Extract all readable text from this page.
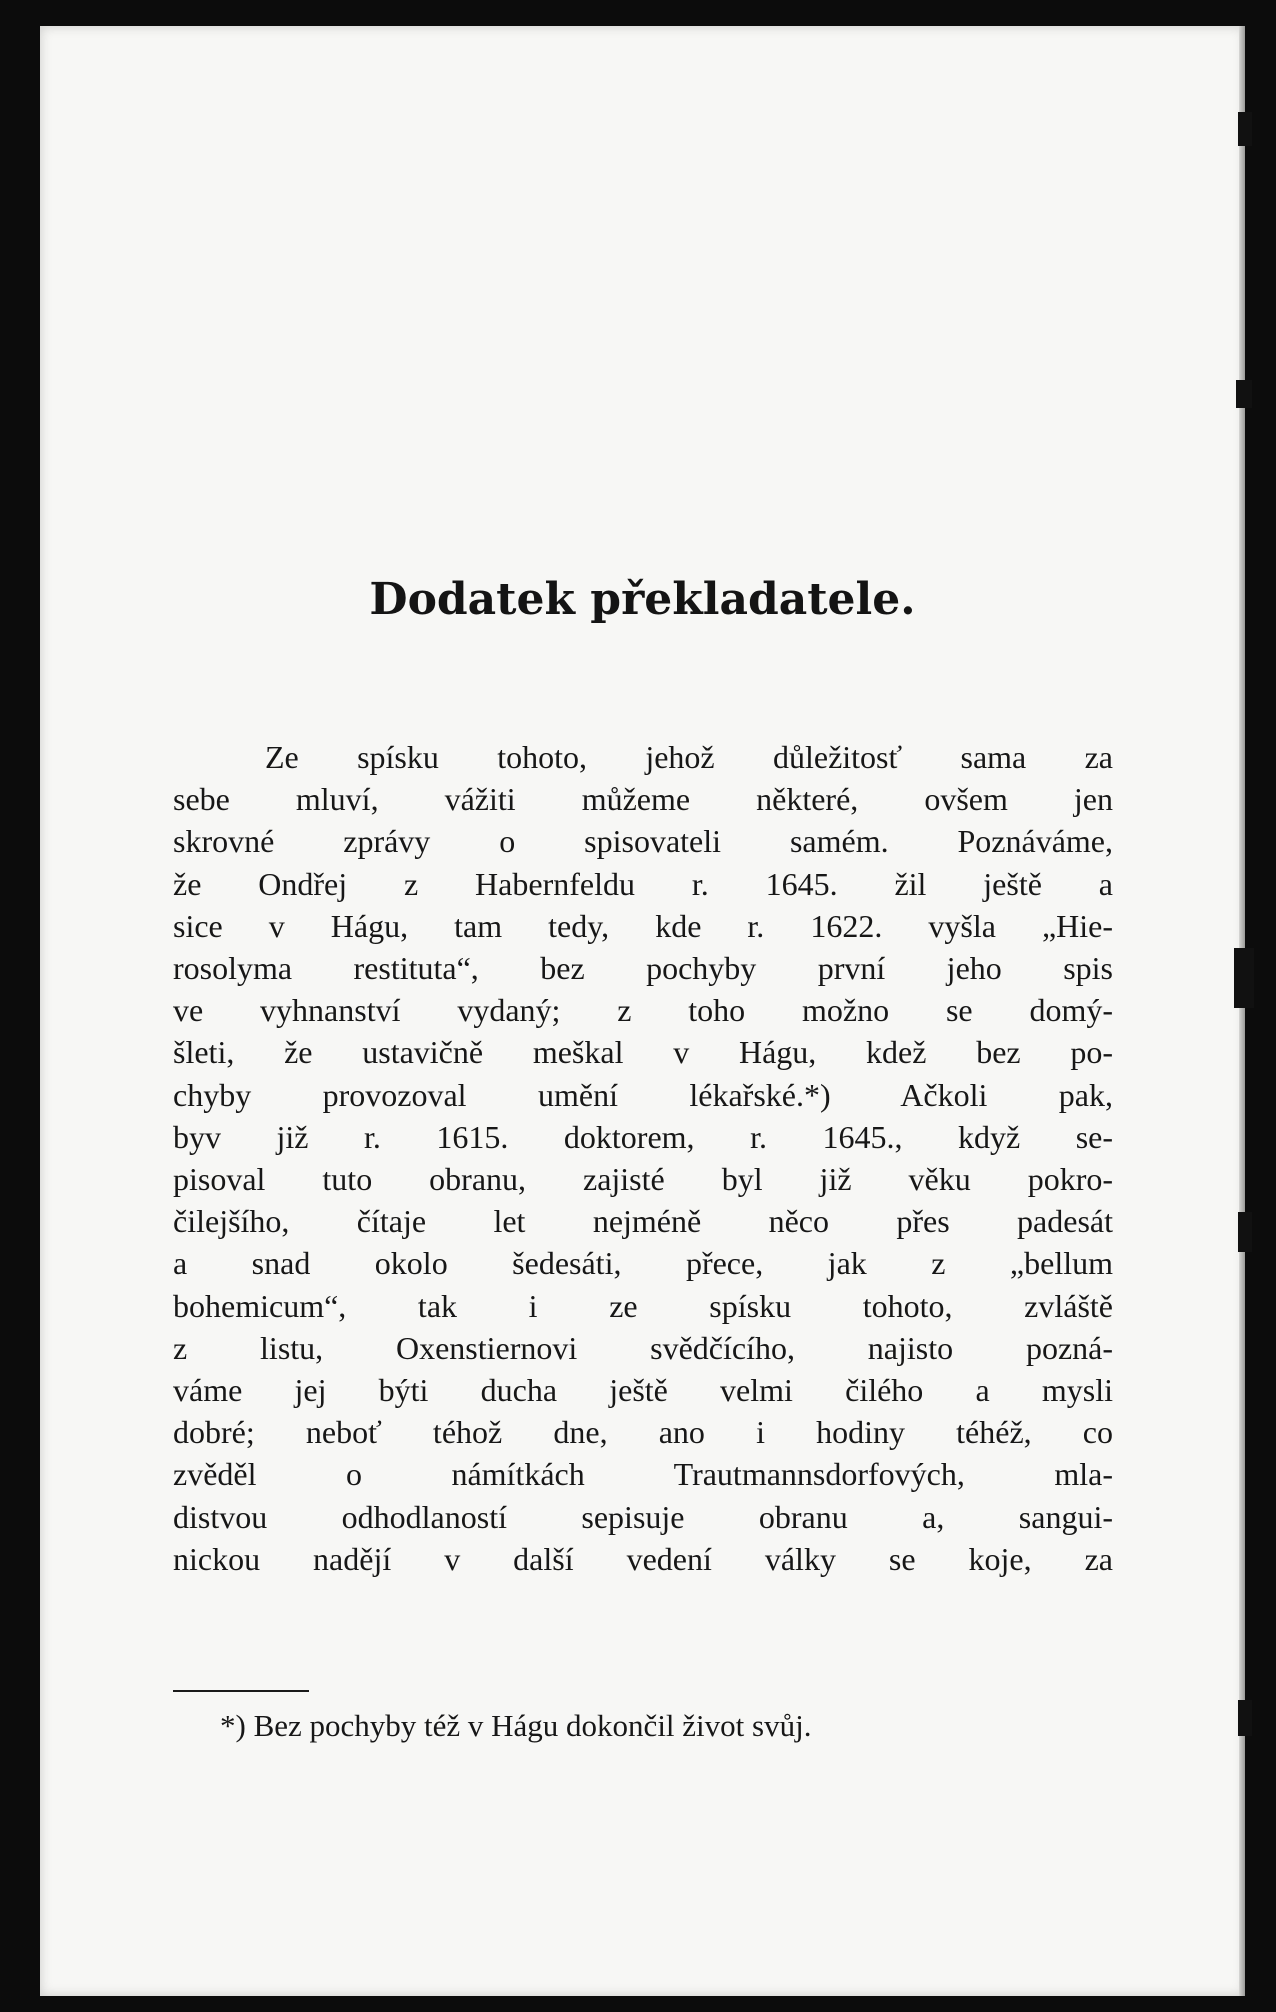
Dodatek překladatele.
Ze spísku tohoto, jehož důležitosť sama za
sebe mluví, vážiti můžeme některé, ovšem jen
skrovné zprávy o spisovateli samém. Poznáváme,
že Ondřej z Habernfeldu r. 1645. žil ještě a
sice v Hágu, tam tedy, kde r. 1622. vyšla „Hie-
rosolyma restituta“, bez pochyby první jeho spis
ve vyhnanství vydaný; z toho možno se domý-
šleti, že ustavičně meškal v Hágu, kdež bez po-
chyby provozoval umění lékařské.*) Ačkoli pak,
byv již r. 1615. doktorem, r. 1645., když se-
pisoval tuto obranu, zajisté byl již věku pokro-
čilejšího, čítaje let nejméně něco přes padesát
a snad okolo šedesáti, přece, jak z „bellum
bohemicum“, tak i ze spísku tohoto, zvláště
z listu, Oxenstiernovi svědčícího, najisto pozná-
váme jej býti ducha ještě velmi čilého a mysli
dobré; neboť téhož dne, ano i hodiny téhéž, co
zvěděl o námítkách Trautmannsdorfových, mla-
distvou odhodlaností sepisuje obranu a, sangui-
nickou nadějí v další vedení války se koje, za
*) Bez pochyby též v Hágu dokončil život svůj.
